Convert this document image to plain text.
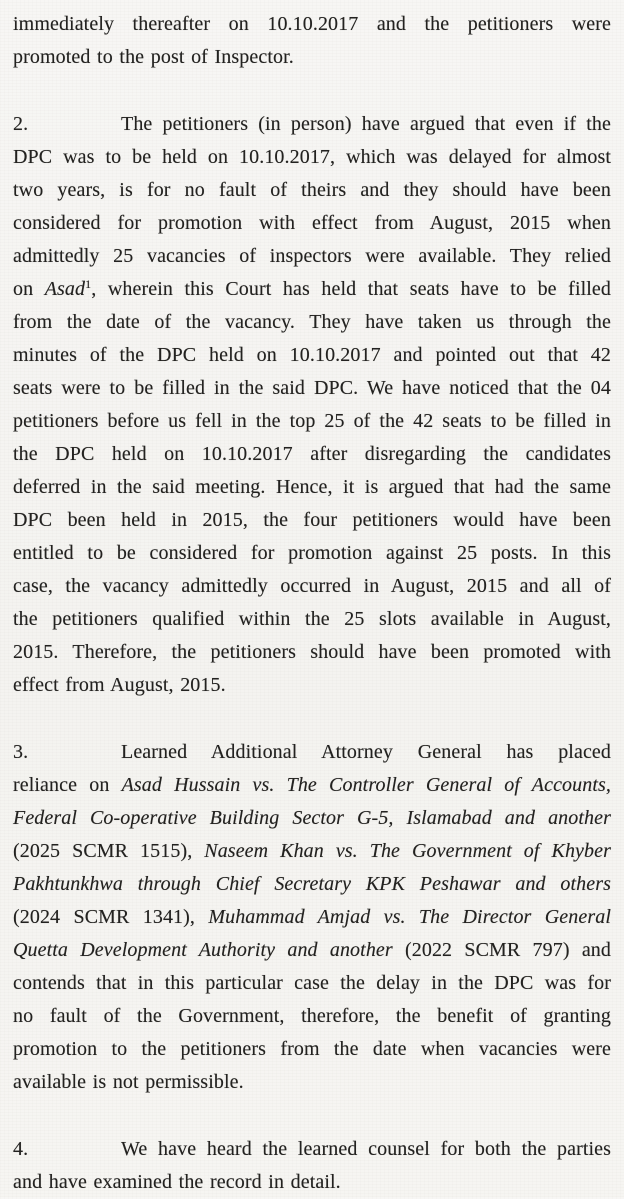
immediately thereafter on 10.10.2017 and the petitioners were
promoted to the post of Inspector.
2.	The petitioners (in person) have argued that even if the
DPC was to be held on 10.10.2017, which was delayed for almost
two years, is for no fault of theirs and they should have been
considered for promotion with effect from August, 2015 when
admittedly 25 vacancies of inspectors were available. They relied
on Asad$^1$, wherein this Court has held that seats have to be filled
from the date of the vacancy. They have taken us through the
minutes of the DPC held on 10.10.2017 and pointed out that 42
seats were to be filled in the said DPC. We have noticed that the 04
petitioners before us fell in the top 25 of the 42 seats to be filled in
the DPC held on 10.10.2017 after disregarding the candidates
deferred in the said meeting. Hence, it is argued that had the same
DPC been held in 2015, the four petitioners would have been
entitled to be considered for promotion against 25 posts. In this
case, the vacancy admittedly occurred in August, 2015 and all of
the petitioners qualified within the 25 slots available in August,
2015. Therefore, the petitioners should have been promoted with
effect from August, 2015.
3.	Learned Additional Attorney General has placed
reliance on Asad Hussain vs. The Controller General of Accounts,
Federal Co-operative Building Sector G-5, Islamabad and another
(2025 SCMR 1515), Naseem Khan vs. The Government of Khyber
Pakhtunkhwa through Chief Secretary KPK Peshawar and others
(2024 SCMR 1341), Muhammad Amjad vs. The Director General
Quetta Development Authority and another (2022 SCMR 797) and
contends that in this particular case the delay in the DPC was for
no fault of the Government, therefore, the benefit of granting
promotion to the petitioners from the date when vacancies were
available is not permissible.
4.	We have heard the learned counsel for both the parties
and have examined the record in detail.
